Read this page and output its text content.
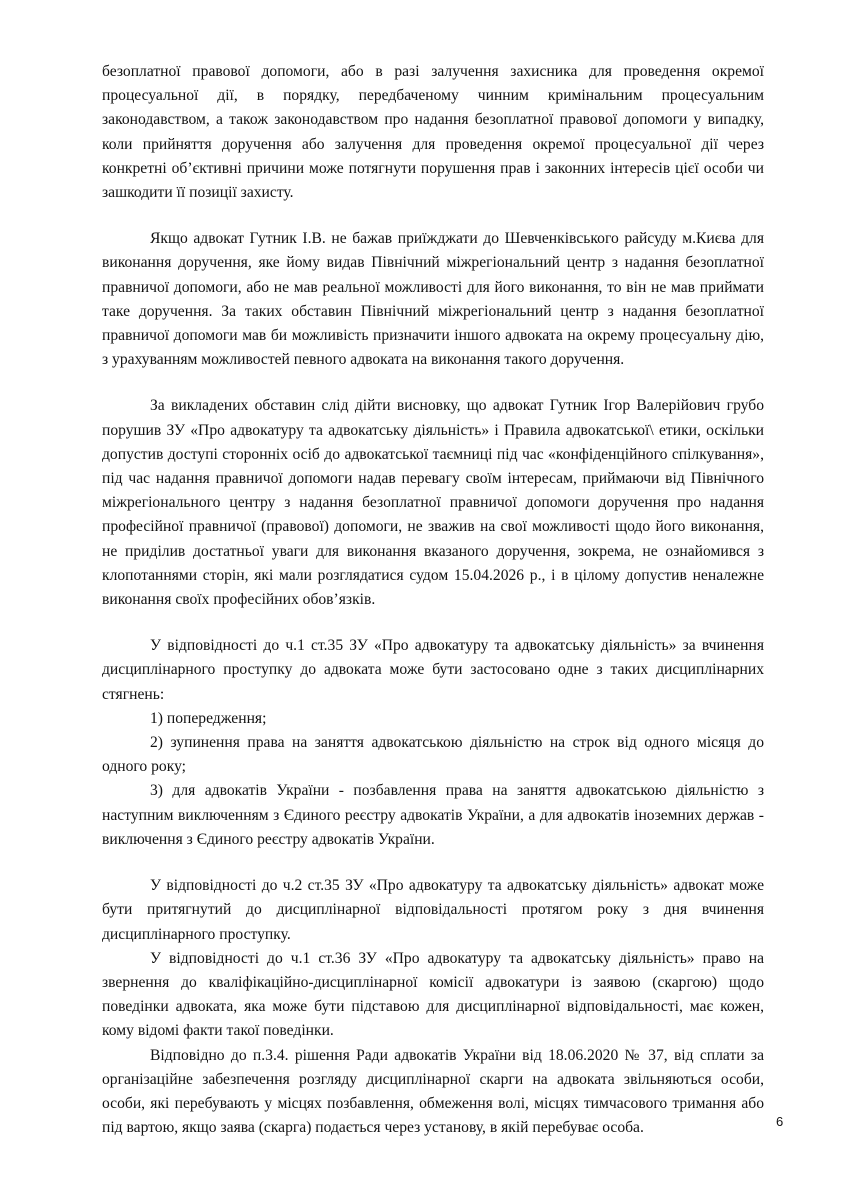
безоплатної правової допомоги, або в разі залучення захисника для проведення окремої процесуальної дії, в порядку, передбаченому чинним кримінальним процесуальним законодавством, а також законодавством про надання безоплатної правової допомоги у випадку, коли прийняття доручення або залучення для проведення окремої процесуальної дії через конкретні об’єктивні причини може потягнути порушення прав і законних інтересів цієї особи чи зашкодити її позиції захисту.

Якщо адвокат Гутник І.В. не бажав приїжджати до Шевченківського райсуду м.Києва для виконання доручення, яке йому видав Північний міжрегіональний центр з надання безоплатної правничої допомоги, або не мав реальної можливості для його виконання, то він не мав приймати таке доручення. За таких обставин Північний міжрегіональний центр з надання безоплатної правничої допомоги мав би можливість призначити іншого адвоката на окрему процесуальну дію, з урахуванням можливостей певного адвоката на виконання такого доручення.

За викладених обставин слід дійти висновку, що адвокат Гутник Ігор Валерійович грубо порушив ЗУ «Про адвокатуру та адвокатську діяльність» і Правила адвокатської\ етики, оскільки допустив доступі сторонніх осіб до адвокатської таємниці під час «конфіденційного спілкування», під час надання правничої допомоги надав перевагу своїм інтересам, приймаючи від Північного міжрегіонального центру з надання безоплатної правничої допомоги доручення про надання професійної правничої (правової) допомоги, не зважив на свої можливості щодо його виконання, не приділив достатньої уваги для виконання вказаного доручення, зокрема, не ознайомився з клопотаннями сторін, які мали розглядатися судом 15.04.2026 р., і в цілому допустив неналежне виконання своїх професійних обов’язків.

У відповідності до ч.1 ст.35 ЗУ «Про адвокатуру та адвокатську діяльність» за вчинення дисциплінарного проступку до адвоката може бути застосовано одне з таких дисциплінарних стягнень:

1) попередження;

2) зупинення права на заняття адвокатською діяльністю на строк від одного місяця до одного року;

3) для адвокатів України - позбавлення права на заняття адвокатською діяльністю з наступним виключенням з Єдиного реєстру адвокатів України, а для адвокатів іноземних держав - виключення з Єдиного реєстру адвокатів України.

У відповідності до ч.2 ст.35 ЗУ «Про адвокатуру та адвокатську діяльність» адвокат може бути притягнутий до дисциплінарної відповідальності протягом року з дня вчинення дисциплінарного проступку.

У відповідності до ч.1 ст.36 ЗУ «Про адвокатуру та адвокатську діяльність» право на звернення до кваліфікаційно-дисциплінарної комісії адвокатури із заявою (скаргою) щодо поведінки адвоката, яка може бути підставою для дисциплінарної відповідальності, має кожен, кому відомі факти такої поведінки.

Відповідно до п.3.4. рішення Ради адвокатів України від 18.06.2020 № 37, від сплати за організаційне забезпечення розгляду дисциплінарної скарги на адвоката звільняються особи, особи, які перебувають у місцях позбавлення, обмеження волі, місцях тимчасового тримання або під вартою, якщо заява (скарга) подається через установу, в якій перебуває особа.	6
